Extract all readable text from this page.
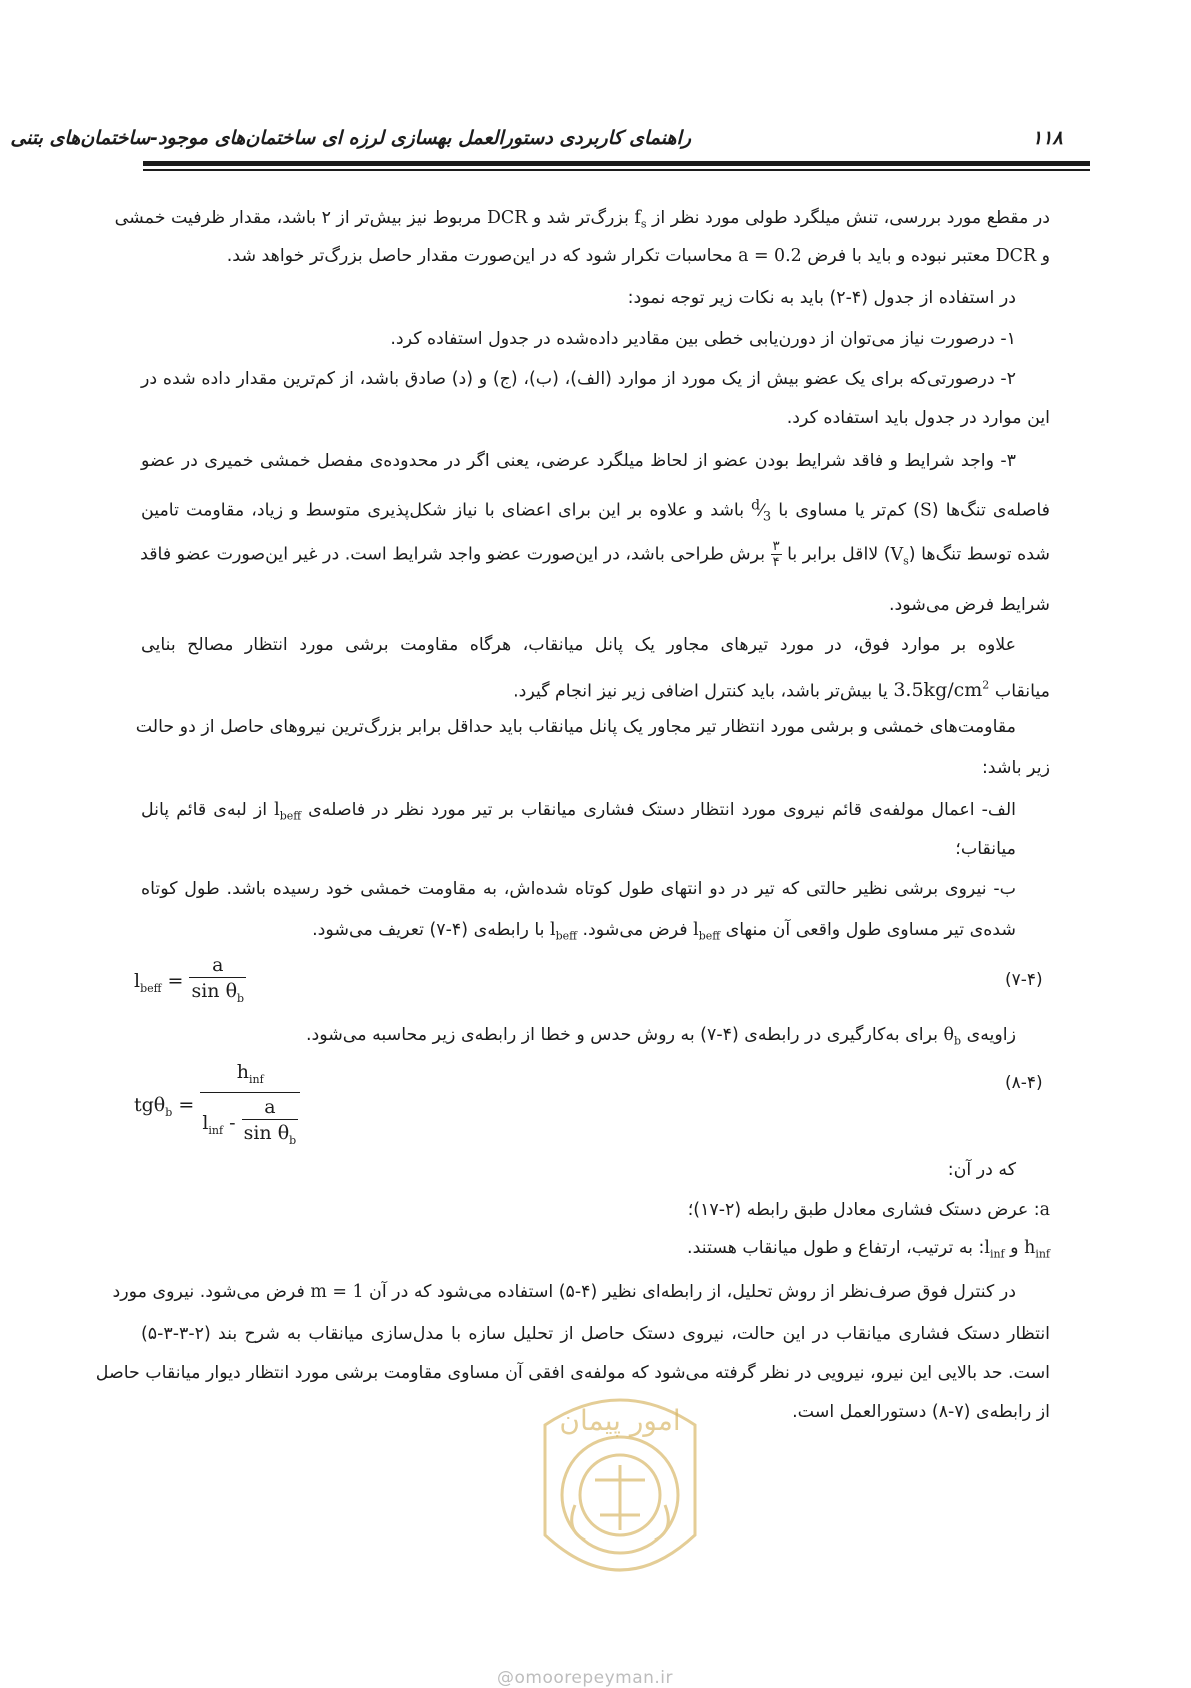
۱۱۸
راهنمای کاربردی دستورالعمل بهسازی لرزه ای ساختمان‌های موجود-ساختمان‌های بتنی
در مقطع مورد بررسی، تنش میلگرد طولی مورد نظر از $f_s$ بزرگ‌تر شد و DCR مربوط نیز بیش‌تر از ۲ باشد، مقدار ظرفیت خمشی
و DCR معتبر نبوده و باید با فرض a = 0.2 محاسبات تکرار شود که در این‌صورت مقدار حاصل بزرگ‌تر خواهد شد.
در استفاده از جدول (۴-۲) باید به نکات زیر توجه نمود:
۱- درصورت نیاز می‌توان از دورن‌یابی خطی بین مقادیر داده‌شده در جدول استفاده کرد.
۲- درصورتی‌که برای یک عضو بیش از یک مورد از موارد (الف)، (ب)، (ج) و (د) صادق باشد، از کم‌ترین مقدار داده شده در
این موارد در جدول باید استفاده کرد.
۳- واجد شرایط و فاقد شرایط بودن عضو از لحاظ میلگرد عرضی، یعنی اگر در محدوده‌ی مفصل خمشی خمیری در عضو
فاصله‌ی تنگ‌ها (S) کم‌تر یا مساوی با $^d⁄_3$ باشد و علاوه بر این برای اعضای با نیاز شکل‌پذیری متوسط و زیاد، مقاومت تامین
شده توسط تنگ‌ها $(V_s)$ لااقل برابر با
$\frac{۳}{۴}$
برش طراحی باشد، در این‌صورت عضو واجد شرایط است. در غیر این‌صورت عضو فاقد
شرایط فرض می‌شود.
علاوه بر موارد فوق، در مورد تیرهای مجاور یک پانل میانقاب، هرگاه مقاومت برشی مورد انتظار مصالح بنایی
میانقاب $3.5kg/cm^2$ یا بیش‌تر باشد، باید کنترل اضافی زیر نیز انجام گیرد.
مقاومت‌های خمشی و برشی مورد انتظار تیر مجاور یک پانل میانقاب باید حداقل برابر بزرگ‌ترین نیروهای حاصل از دو حالت
زیر باشد:
الف- اعمال مولفه‌ی قائم نیروی مورد انتظار دستک فشاری میانقاب بر تیر مورد نظر در فاصله‌ی $l_{beff}$ از لبه‌ی قائم پانل
میانقاب؛
ب- نیروی برشی نظیر حالتی که تیر در دو انتهای طول کوتاه شده‌اش، به مقاومت خمشی خود رسیده باشد. طول کوتاه
شده‌ی تیر مساوی طول واقعی آن منهای $l_{beff}$ فرض می‌شود. $l_{beff}$ با رابطه‌ی (۴-۷) تعریف می‌شود.
$l_{beff} = \frac{a}{\sin \theta_b}$	(۷-۴)
زاویه‌ی $\theta_b$ برای به‌کارگیری در رابطه‌ی (۴-۷) به روش حدس و خطا از رابطه‌ی زیر محاسبه می‌شود.
$tg\theta_b = \frac{h_{inf}}{l_{inf} - \frac{a}{\sin \theta_b}}$	(۸-۴)
که در آن:
a: عرض دستک فشاری معادل طبق رابطه (۲-۱۷)؛
$h_{inf}$ و $l_{inf}$: به ترتیب، ارتفاع و طول میانقاب هستند.
امور پیمان
در کنترل فوق صرف‌نظر از روش تحلیل، از رابطه‌ای نظیر (۴-۵) استفاده می‌شود که در آن m = 1 فرض می‌شود. نیروی مورد
انتظار دستک فشاری میانقاب در این حالت، نیروی دستک حاصل از تحلیل سازه با مدل‌سازی میانقاب به شرح بند (۲-۳-۳-۵)
است. حد بالایی این نیرو، نیرویی در نظر گرفته می‌شود که مولفه‌ی افقی آن مساوی مقاومت برشی مورد انتظار دیوار میانقاب حاصل
از رابطه‌ی (۷-۸) دستورالعمل است.
@omoorepeyman.ir
